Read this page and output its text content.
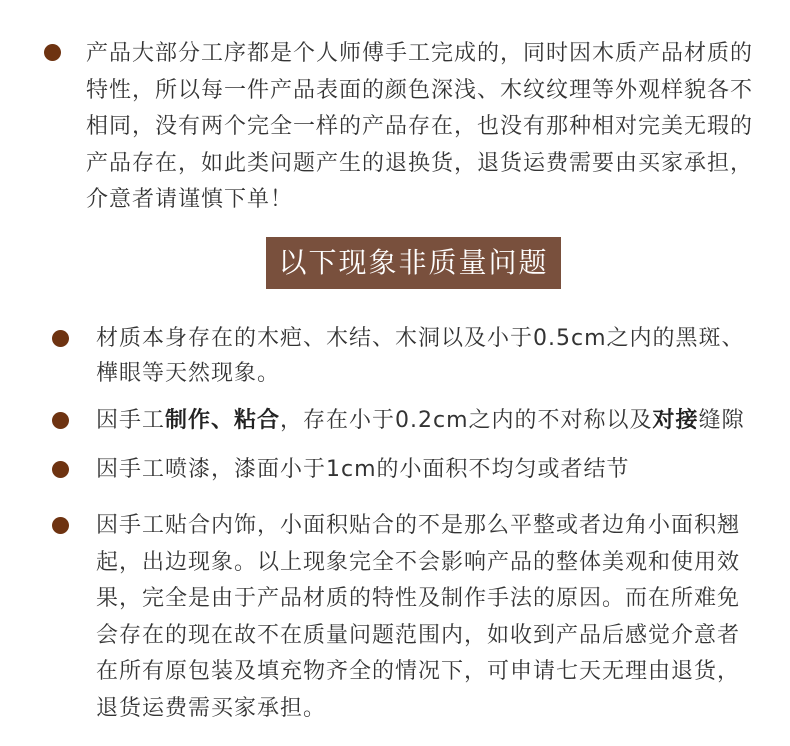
产品大部分工序都是个人师傅手工完成的，同时因木质产品材质的特性，所以每一件产品表面的颜色深浅、木纹纹理等外观样貌各不相同，没有两个完全一样的产品存在，也没有那种相对完美无瑕的产品存在，如此类问题产生的退换货，退货运费需要由买家承担，介意者请谨慎下单！

以下现象非质量问题

材质本身存在的木疤、木结、木洞以及小于0.5cm之内的黑斑、樺眼等天然现象。

因手工制作、粘合，存在小于0.2cm之内的不对称以及对接缝隙

因手工喷漆，漆面小于1cm的小面积不均匀或者结节

因手工贴合内饰，小面积贴合的不是那么平整或者边角小面积翘起，出边现象。以上现象完全不会影响产品的整体美观和使用效果，完全是由于产品材质的特性及制作手法的原因。而在所难免会存在的现在故不在质量问题范围内，如收到产品后感觉介意者在所有原包装及填充物齐全的情况下，可申请七天无理由退货，退货运费需买家承担。
